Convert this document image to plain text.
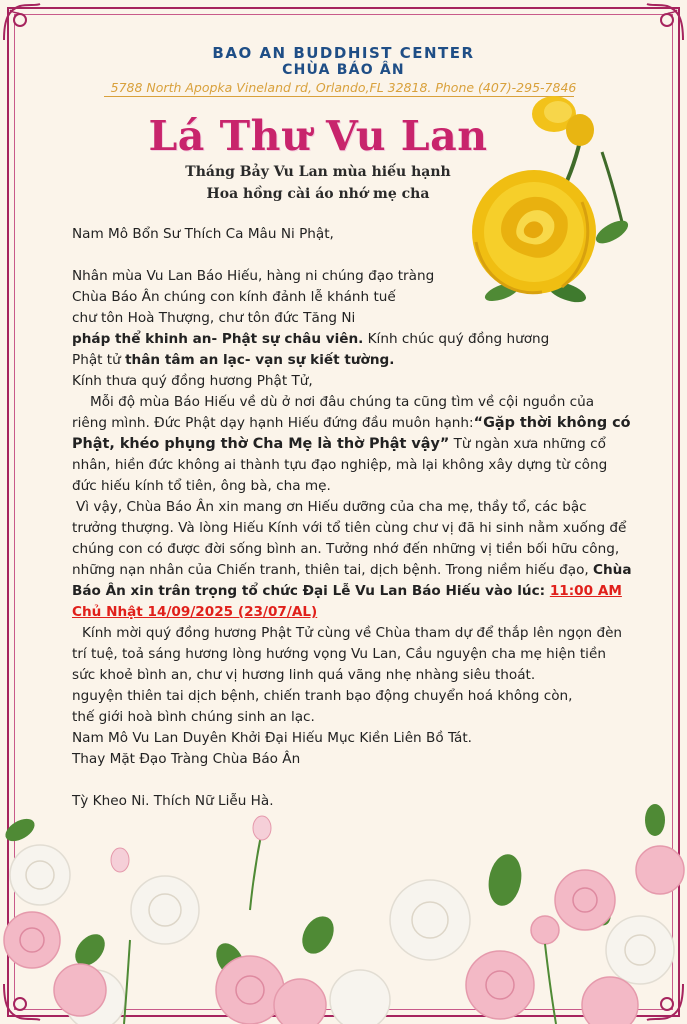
BAO AN BUDDHIST CENTER
CHÙA BÁO ÂN
5788 North Apopka Vineland rd, Orlando,FL 32818. Phone (407)-295-7846
Lá Thư Vu Lan
Tháng Bảy Vu Lan mùa hiếu hạnh
Hoa hồng cài áo nhớ mẹ cha

Nam Mô Bổn Sư Thích Ca Mâu Ni Phật,

Nhân mùa Vu Lan Báo Hiếu, hàng ni chúng đạo tràng

Chùa Báo Ân chúng con kính đảnh lễ khánh tuế

chư tôn Hoà Thượng, chư tôn đức Tăng Ni

pháp thể khinh an- Phật sự châu viên. Kính chúc quý đồng hương

Phật tử thân tâm an lạc- vạn sự kiết tường.

Kính thưa quý đồng hương Phật Tử,

Mỗi độ mùa Báo Hiếu về dù ở nơi đâu chúng ta cũng tìm về cội nguồn của riêng mình. Đức Phật dạy hạnh Hiếu đứng đầu muôn hạnh:“Gặp thời không có Phật, khéo phụng thờ Cha Mẹ là thờ Phật vậy” Từ ngàn xưa những cổ nhân, hiền đức không ai thành tựu đạo nghiệp, mà lại không xây dựng từ công đức hiếu kính tổ tiên, ông bà, cha mẹ.

Vì vậy, Chùa Báo Ân xin mang ơn Hiếu dưỡng của cha mẹ, thầy tổ, các bậc trưởng thượng. Và lòng Hiếu Kính với tổ tiên cùng chư vị đã hi sinh nằm xuống để chúng con có được đời sống bình an. Tưởng nhớ đến những vị tiền bối hữu công, những nạn nhân của Chiến tranh, thiên tai, dịch bệnh. Trong niềm hiếu đạo, Chùa Báo Ân xin trân trọng tổ chức Đại Lễ Vu Lan Báo Hiếu vào lúc: 11:00 AM Chủ Nhật 14/09/2025 (23/07/AL)

Kính mời quý đồng hương Phật Tử cùng về Chùa tham dự để thắp lên ngọn đèn trí tuệ, toả sáng hương lòng hướng vọng Vu Lan, Cầu nguyện cha mẹ hiện tiền sức khoẻ bình an, chư vị hương linh quá vãng nhẹ nhàng siêu thoát.

nguyện thiên tai dịch bệnh, chiến tranh bạo động chuyển hoá không còn,

thế giới hoà bình chúng sinh an lạc.

Nam Mô Vu Lan Duyên Khởi Đại Hiếu Mục Kiền Liên Bồ Tát.

Thay Mặt Đạo Tràng Chùa Báo Ân

Tỳ Kheo Ni. Thích Nữ Liễu Hà.
